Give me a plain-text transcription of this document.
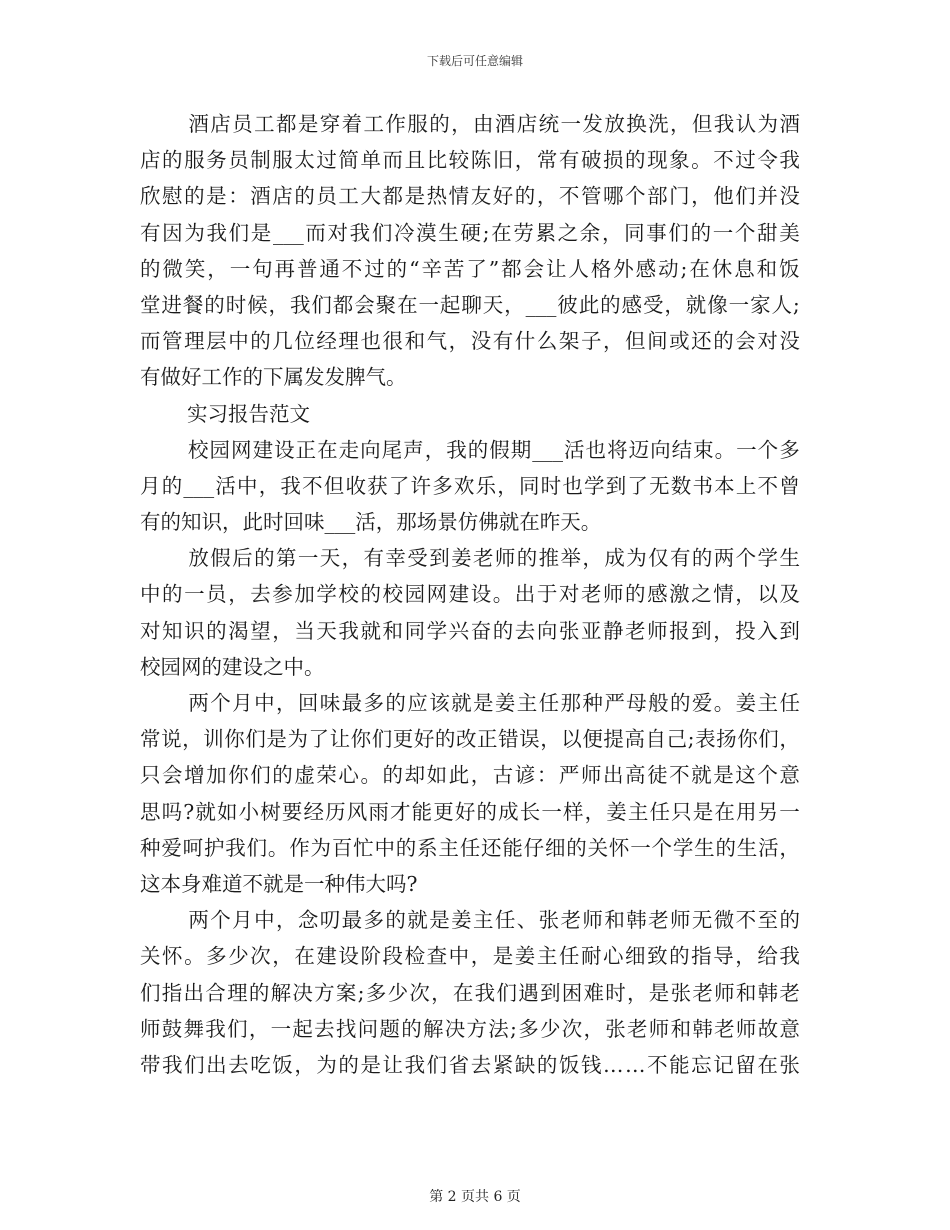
下载后可任意编辑
酒 店 员 工 都 是 穿 着 工 作 服 的 ， 由 酒 店 统 一 发 放 换 洗 ， 但 我 认 为 酒
店 的 服 务 员 制 服 太 过 简 单 而 且 比 较 陈 旧 ， 常 有 破 损 的 现 象 。 不 过 令 我
欣 慰 的 是 ： 酒 店 的 员 工 大 都 是 热 情 友 好 的 ， 不 管 哪 个 部 门 ， 他 们 并 没
有 因 为 我 们 是 ___ 而 对 我 们 冷 漠 生 硬 ; 在 劳 累 之 余 ， 同 事 们 的 一 个 甜 美
的 微 笑 ， 一 句 再 普 通 不 过 的 “ 辛 苦 了 ” 都 会 让 人 格 外 感 动 ; 在 休 息 和 饭
堂 进 餐 的 时 候 ， 我 们 都 会 聚 在 一 起 聊 天 ， ___ 彼 此 的 感 受 ， 就 像 一 家 人 ;
而 管 理 层 中 的 几 位 经 理 也 很 和 气 ， 没 有 什 么 架 子 ， 但 间 或 还 的 会 对 没
有做好工作的下属发发脾气。
实习报告范文
校 园 网 建 设 正 在 走 向 尾 声 ， 我 的 假 期 ___ 活 也 将 迈 向 结 束 。 一 个 多
月 的 ___ 活 中 ， 我 不 但 收 获 了 许 多 欢 乐 ， 同 时 也 学 到 了 无 数 书 本 上 不 曾
有的知识，此时回味___活，那场景仿佛就在昨天。
放 假 后 的 第 一 天 ， 有 幸 受 到 姜 老 师 的 推 举 ， 成 为 仅 有 的 两 个 学 生
中 的 一 员 ， 去 参 加 学 校 的 校 园 网 建 设 。 出 于 对 老 师 的 感 激 之 情 ， 以 及
对 知 识 的 渴 望 ， 当 天 我 就 和 同 学 兴 奋 的 去 向 张 亚 静 老 师 报 到 ， 投 入 到
校园网的建设之中。
两 个 月 中 ， 回 味 最 多 的 应 该 就 是 姜 主 任 那 种 严 母 般 的 爱 。 姜 主 任
常 说 ， 训 你 们 是 为 了 让 你 们 更 好 的 改 正 错 误 ， 以 便 提 高 自 己 ; 表 扬 你 们 ，
只 会 增 加 你 们 的 虚 荣 心 。 的 却 如 此 ， 古 谚 ： 严 师 出 高 徒 不 就 是 这 个 意
思 吗 ? 就 如 小 树 要 经 历 风 雨 才 能 更 好 的 成 长 一 样 ， 姜 主 任 只 是 在 用 另 一
种 爱 呵 护 我 们 。 作 为 百 忙 中 的 系 主 任 还 能 仔 细 的 关 怀 一 个 学 生 的 生 活 ，
这本身难道不就是一种伟大吗?
两 个 月 中 ， 念 叨 最 多 的 就 是 姜 主 任 、 张 老 师 和 韩 老 师 无 微 不 至 的
关 怀 。 多 少 次 ， 在 建 设 阶 段 检 查 中 ， 是 姜 主 任 耐 心 细 致 的 指 导 ， 给 我
们 指 出 合 理 的 解 决 方 案 ; 多 少 次 ， 在 我 们 遇 到 困 难 时 ， 是 张 老 师 和 韩 老
师 鼓 舞 我 们 ， 一 起 去 找 问 题 的 解 决 方 法 ; 多 少 次 ， 张 老 师 和 韩 老 师 故 意
带 我 们 出 去 吃 饭 ， 为 的 是 让 我 们 省 去 紧 缺 的 饭 钱 … … 不 能 忘 记 留 在 张
第 2 页共 6 页
